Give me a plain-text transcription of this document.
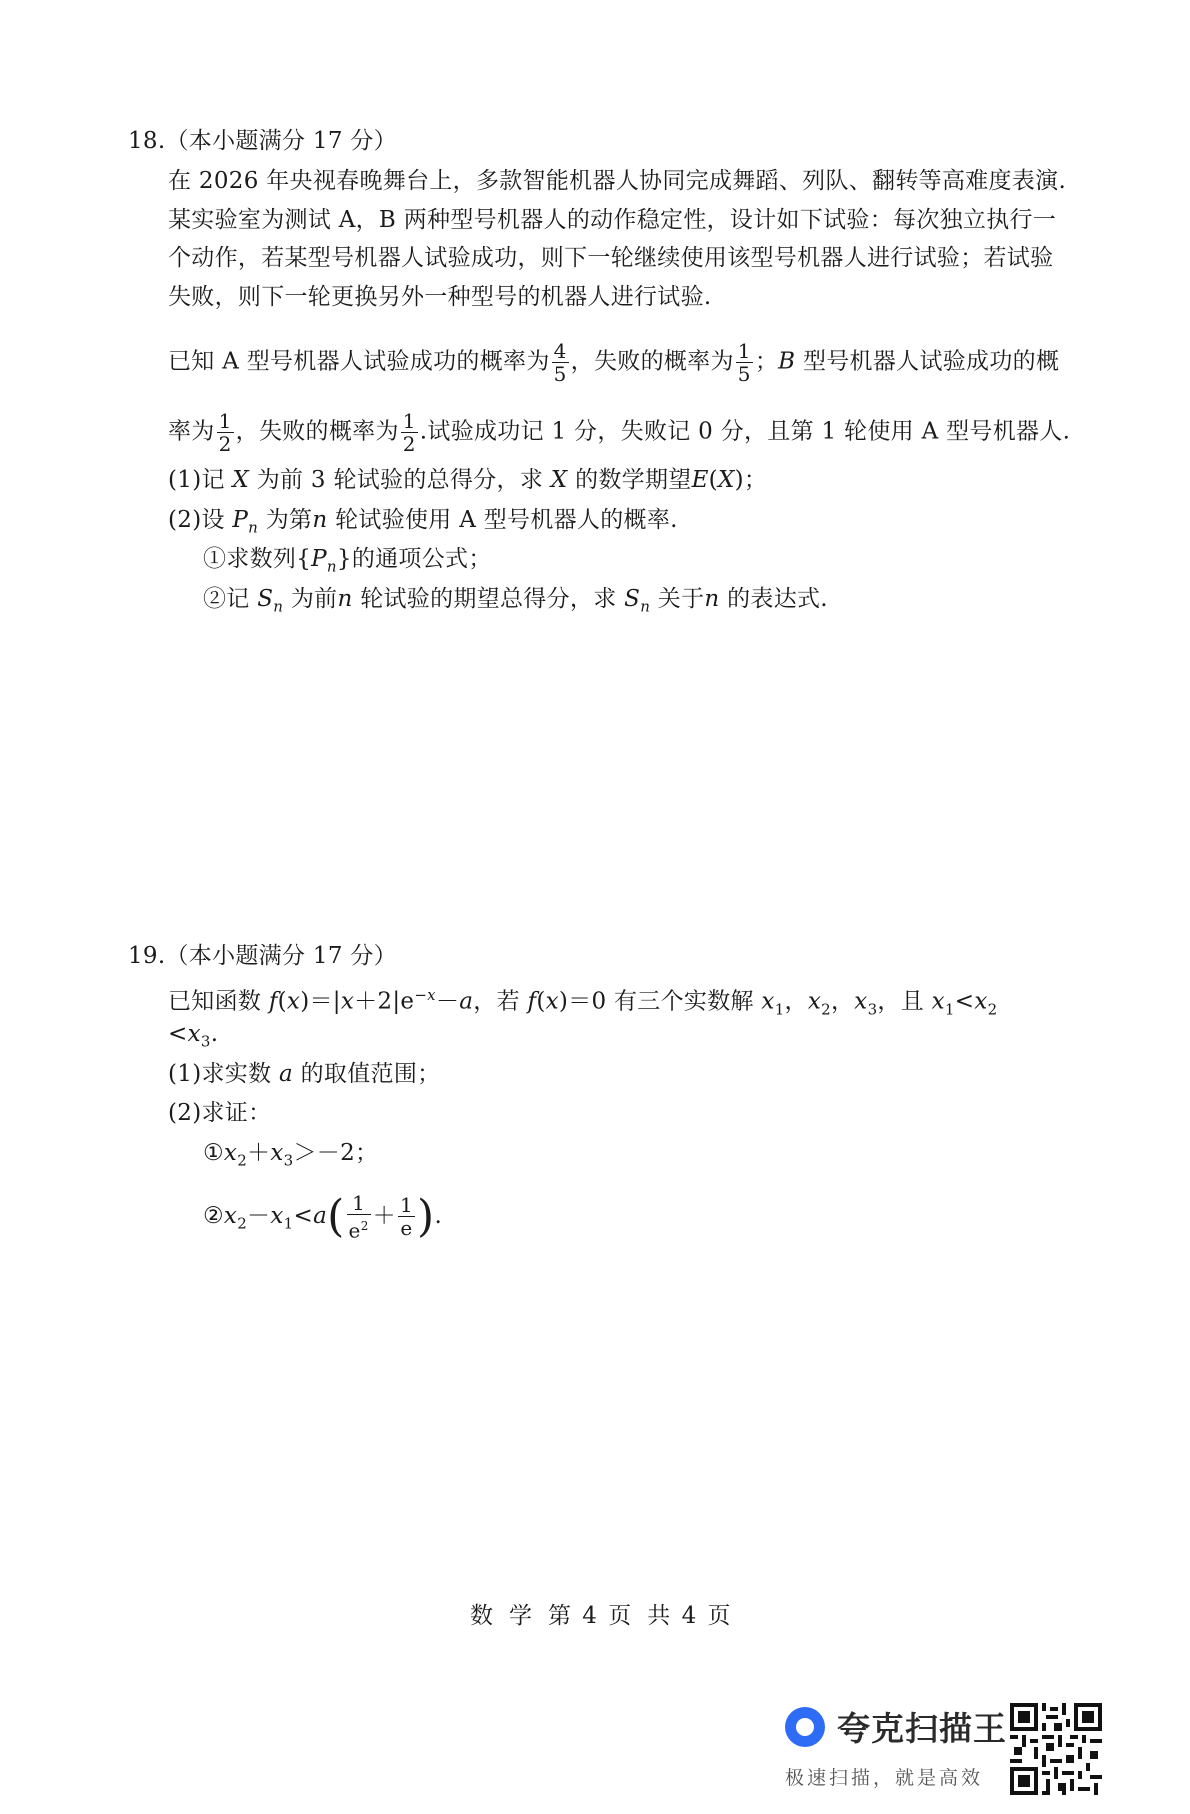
18.（本小题满分 17 分）
在 2026 年央视春晚舞台上，多款智能机器人协同完成舞蹈、列队、翻转等高难度表演.
某实验室为测试 A，B 两种型号机器人的动作稳定性，设计如下试验：每次独立执行一
个动作，若某型号机器人试验成功，则下一轮继续使用该型号机器人进行试验；若试验
失败，则下一轮更换另外一种型号的机器人进行试验.
已知 A 型号机器人试验成功的概率为 $\frac{4}{5}$ ，失败的概率为 $\frac{1}{5}$ ；B 型号机器人试验成功的概
率为 $\frac{1}{2}$ ，失败的概率为 $\frac{1}{2}$ .试验成功记 1 分，失败记 0 分，且第 1 轮使用 A 型号机器人.
(1)记 X 为前 3 轮试验的总得分，求 X 的数学期望E(X)；
(2)设 $P_n$ 为第n 轮试验使用 A 型号机器人的概率.
①求数列$\{P_n\}$的通项公式；
②记 $S_n$ 为前n 轮试验的期望总得分，求 $S_n$ 关于n 的表达式.
19.（本小题满分 17 分）
已知函数 $f(x)=|x+2|e^{-x}-a$，若 f(x)＝0 有三个实数解 $x_1$，$x_2$，$x_3$，且 $x_1<x_2$
$<x_3$.
(1)求实数 a 的取值范围；
(2)求证：
$①x_2+x_3>-2$；
$②x_2-x_1<a( \frac{1}{e^2} + \frac{1}{e}$ ).
数 学 第 4 页 共 4 页
夸克扫描王
极速扫描，就是高效
